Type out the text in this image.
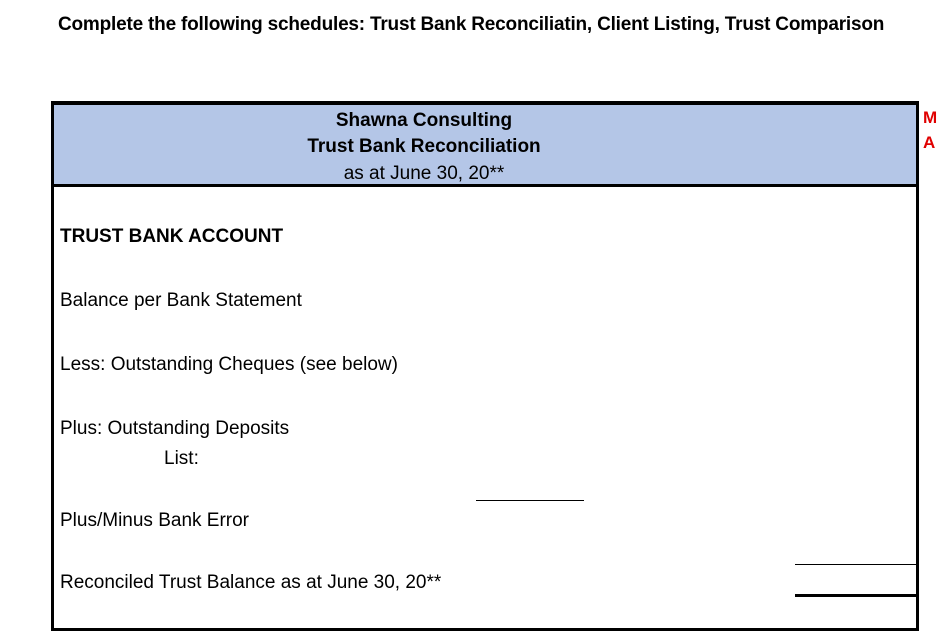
Complete the following schedules: Trust Bank Reconciliatin, Client Listing, Trust Comparison
Shawna Consulting
Trust Bank Reconciliation
as at June 30, 20**
TRUST BANK ACCOUNT
Balance per Bank Statement
Less: Outstanding Cheques (see below)
Plus: Outstanding Deposits
List:
Plus/Minus Bank Error
Reconciled Trust Balance as at June 30, 20**
M
A
